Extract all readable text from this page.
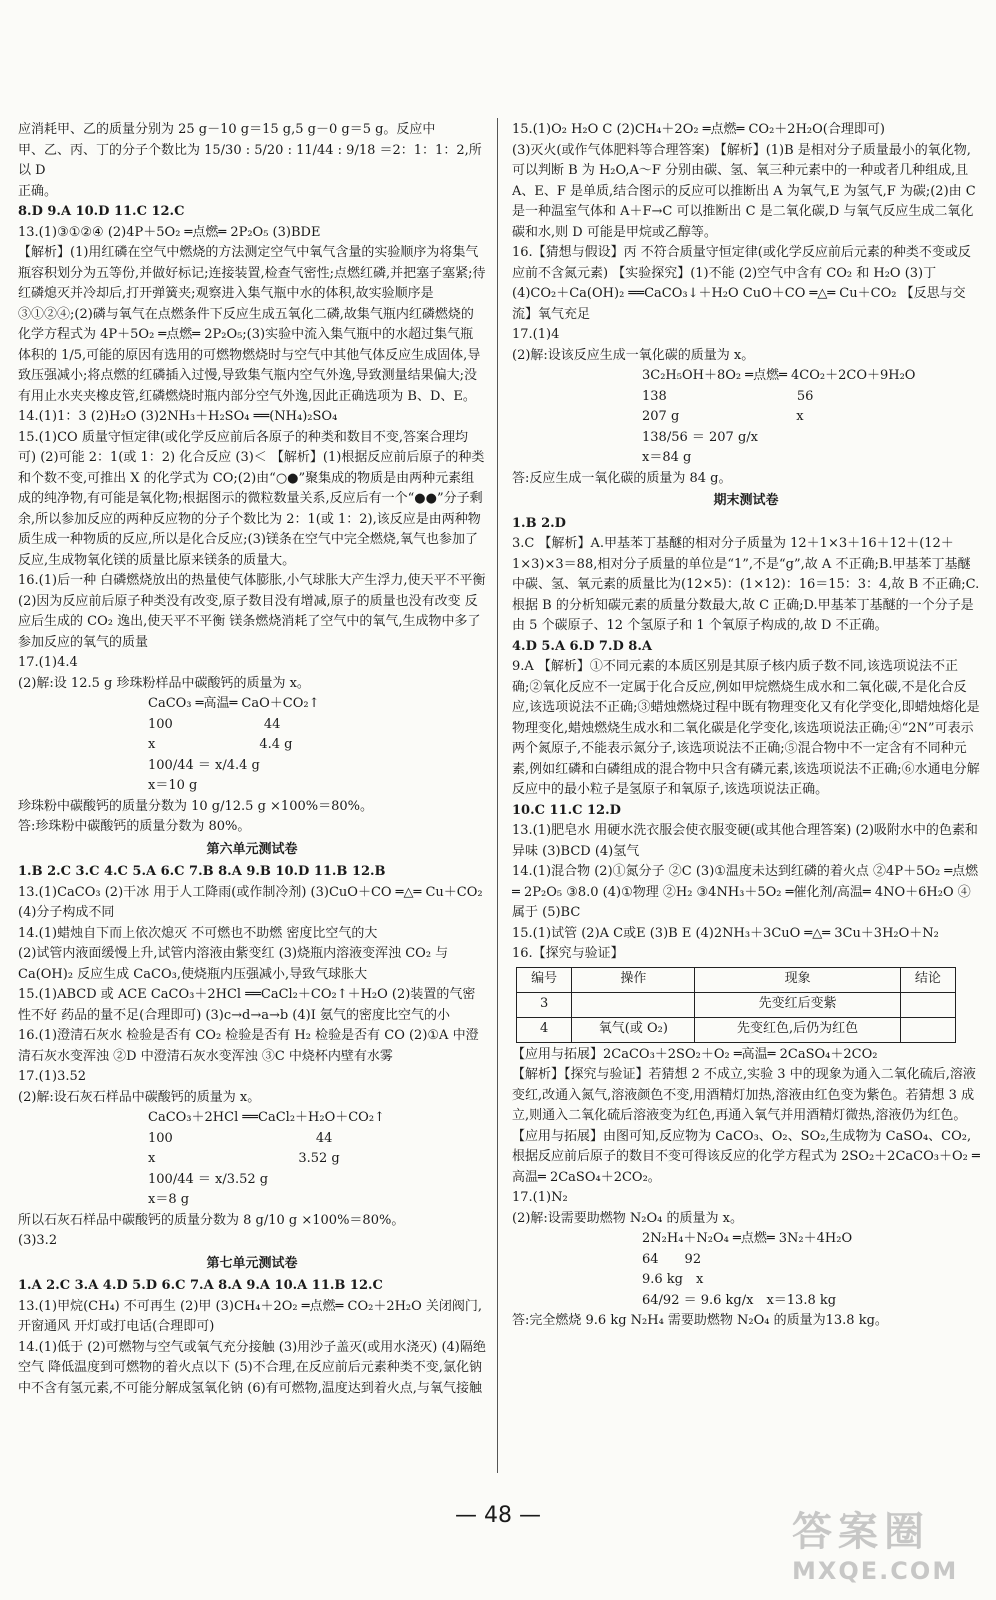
应消耗甲、乙的质量分别为 25 g－10 g＝15 g,5 g－0 g＝5 g。反应中
甲、乙、丙、丁的分子个数比为 15/30 : 5/20 : 11/44 : 9/18 ＝2：1：1：2,所以 D
正确。
8.D 9.A 10.D 11.C 12.C
13.(1)③①②④ (2)4P＋5O₂ ═点燃═ 2P₂O₅ (3)BDE
【解析】(1)用红磷在空气中燃烧的方法测定空气中氧气含量的实验顺序为将集气瓶容积划分为五等份,并做好标记;连接装置,检查气密性;点燃红磷,并把塞子塞紧;待红磷熄灭并冷却后,打开弹簧夹;观察进入集气瓶中水的体积,故实验顺序是③①②④;(2)磷与氧气在点燃条件下反应生成五氧化二磷,故集气瓶内红磷燃烧的化学方程式为 4P＋5O₂ ═点燃═ 2P₂O₅;(3)实验中流入集气瓶中的水超过集气瓶体积的 1/5,可能的原因有选用的可燃物燃烧时与空气中其他气体反应生成固体,导致压强减小;将点燃的红磷插入过慢,导致集气瓶内空气外逸,导致测量结果偏大;没有用止水夹夹橡皮管,红磷燃烧时瓶内部分空气外逸,因此正确选项为 B、D、E。
14.(1)1：3 (2)H₂O (3)2NH₃＋H₂SO₄ ══(NH₄)₂SO₄
15.(1)CO 质量守恒定律(或化学反应前后各原子的种类和数目不变,答案合理均可) (2)可能 2：1(或 1：2) 化合反应 (3)＜ 【解析】(1)根据反应前后原子的种类和个数不变,可推出 X 的化学式为 CO;(2)由“○●”聚集成的物质是由两种元素组成的纯净物,有可能是氧化物;根据图示的微粒数量关系,反应后有一个“●●”分子剩余,所以参加反应的两种反应物的分子个数比为 2：1(或 1：2),该反应是由两种物质生成一种物质的反应,所以是化合反应;(3)镁条在空气中完全燃烧,氧气也参加了反应,生成物氧化镁的质量比原来镁条的质量大。
16.(1)后一种 白磷燃烧放出的热量使气体膨胀,小气球胀大产生浮力,使天平不平衡
(2)因为反应前后原子种类没有改变,原子数目没有增减,原子的质量也没有改变 反应后生成的 CO₂ 逸出,使天平不平衡 镁条燃烧消耗了空气中的氧气,生成物中多了参加反应的氧气的质量
17.(1)4.4
(2)解:设 12.5 g 珍珠粉样品中碳酸钙的质量为 x。
CaCO₃ ═高温═ CaO＋CO₂↑
100　　　　　　　44
x　　　　　　　　4.4 g
100/44 ＝ x/4.4 g
x＝10 g
珍珠粉中碳酸钙的质量分数为 10 g/12.5 g ×100%＝80%。
答:珍珠粉中碳酸钙的质量分数为 80%。
第六单元测试卷
1.B 2.C 3.C 4.C 5.A 6.C 7.B 8.A 9.B 10.D 11.B 12.B
13.(1)CaCO₃ (2)干冰 用于人工降雨(或作制冷剂) (3)CuO＋CO ═△═ Cu＋CO₂ (4)分子构成不同
14.(1)蜡烛自下而上依次熄灭 不可燃也不助燃 密度比空气的大
(2)试管内液面缓慢上升,试管内溶液由紫变红 (3)烧瓶内溶液变浑浊 CO₂ 与 Ca(OH)₂ 反应生成 CaCO₃,使烧瓶内压强减小,导致气球胀大
15.(1)ABCD 或 ACE CaCO₃＋2HCl ══CaCl₂＋CO₂↑＋H₂O (2)装置的气密性不好 药品的量不足(合理即可) (3)c→d→a→b (4)Ⅰ 氨气的密度比空气的小
16.(1)澄清石灰水 检验是否有 CO₂ 检验是否有 H₂ 检验是否有 CO (2)①A 中澄清石灰水变浑浊 ②D 中澄清石灰水变浑浊 ③C 中烧杯内壁有水雾
17.(1)3.52
(2)解:设石灰石样品中碳酸钙的质量为 x。
CaCO₃＋2HCl ══CaCl₂＋H₂O＋CO₂↑
100　　　　　　　　　　　44
x　　　　　　　　　　　3.52 g
100/44 ＝ x/3.52 g
x＝8 g
所以石灰石样品中碳酸钙的质量分数为 8 g/10 g ×100%＝80%。
(3)3.2
第七单元测试卷
1.A 2.C 3.A 4.D 5.D 6.C 7.A 8.A 9.A 10.A 11.B 12.C
13.(1)甲烷(CH₄) 不可再生 (2)甲 (3)CH₄＋2O₂ ═点燃═ CO₂＋2H₂O 关闭阀门,开窗通风 开灯或打电话(合理即可)
14.(1)低于 (2)可燃物与空气或氧气充分接触 (3)用沙子盖灭(或用水浇灭) (4)隔绝空气 降低温度到可燃物的着火点以下 (5)不合理,在反应前后元素种类不变,氯化钠中不含有氢元素,不可能分解成氢氧化钠 (6)有可燃物,温度达到着火点,与氧气接触
15.(1)O₂ H₂O C (2)CH₄＋2O₂ ═点燃═ CO₂＋2H₂O(合理即可)
(3)灭火(或作气体肥料等合理答案) 【解析】(1)B 是相对分子质量最小的氧化物,可以判断 B 为 H₂O,A～F 分别由碳、氢、氧三种元素中的一种或者几种组成,且 A、E、F 是单质,结合图示的反应可以推断出 A 为氧气,E 为氢气,F 为碳;(2)由 C 是一种温室气体和 A＋F→C 可以推断出 C 是二氧化碳,D 与氧气反应生成二氧化碳和水,则 D 可能是甲烷或乙醇等。
16.【猜想与假设】丙 不符合质量守恒定律(或化学反应前后元素的种类不变或反应前不含氮元素) 【实验探究】(1)不能 (2)空气中含有 CO₂ 和 H₂O (3)丁 (4)CO₂＋Ca(OH)₂ ══CaCO₃↓＋H₂O CuO＋CO ═△═ Cu＋CO₂ 【反思与交流】氧气充足
17.(1)4
(2)解:设该反应生成一氧化碳的质量为 x。
3C₂H₅OH＋8O₂ ═点燃═ 4CO₂＋2CO＋9H₂O
138　　　　　　　　　　56
207 g　　　　　　　　　x
138/56 ＝ 207 g/x
x＝84 g
答:反应生成一氧化碳的质量为 84 g。
期末测试卷
1.B 2.D
3.C 【解析】A.甲基苯丁基醚的相对分子质量为 12＋1×3＋16＋12＋(12＋1×3)×3＝88,相对分子质量的单位是“1”,不是“g”,故 A 不正确;B.甲基苯丁基醚中碳、氢、氧元素的质量比为(12×5)：(1×12)：16＝15：3：4,故 B 不正确;C.根据 B 的分析知碳元素的质量分数最大,故 C 正确;D.甲基苯丁基醚的一个分子是由 5 个碳原子、12 个氢原子和 1 个氧原子构成的,故 D 不正确。
4.D 5.A 6.D 7.D 8.A
9.A 【解析】①不同元素的本质区别是其原子核内质子数不同,该选项说法不正确;②氧化反应不一定属于化合反应,例如甲烷燃烧生成水和二氧化碳,不是化合反应,该选项说法不正确;③蜡烛燃烧过程中既有物理变化又有化学变化,即蜡烛熔化是物理变化,蜡烛燃烧生成水和二氧化碳是化学变化,该选项说法正确;④“2N”可表示两个氮原子,不能表示氮分子,该选项说法不正确;⑤混合物中不一定含有不同种元素,例如红磷和白磷组成的混合物中只含有磷元素,该选项说法不正确;⑥水通电分解反应中的最小粒子是氢原子和氧原子,该选项说法正确。
10.C 11.C 12.D
13.(1)肥皂水 用硬水洗衣服会使衣服变硬(或其他合理答案) (2)吸附水中的色素和异味 (3)BCD (4)氢气
14.(1)混合物 (2)①氮分子 ②C (3)①温度未达到红磷的着火点 ②4P＋5O₂ ═点燃═ 2P₂O₅ ③8.0 (4)①物理 ②H₂ ③4NH₃＋5O₂ ═催化剂/高温═ 4NO＋6H₂O ④属于 (5)BC
15.(1)试管 (2)A C或E (3)B E (4)2NH₃＋3CuO ═△═ 3Cu＋3H₂O＋N₂
16.【探究与验证】
编号	操作	现象	结论
3		先变红后变紫	
4	氧气(或 O₂)	先变红色,后仍为红色	
【应用与拓展】2CaCO₃＋2SO₂＋O₂ ═高温═ 2CaSO₄＋2CO₂
【解析】【探究与验证】若猜想 2 不成立,实验 3 中的现象为通入二氧化硫后,溶液变红,改通入氮气,溶液颜色不变,用酒精灯加热,溶液由红色变为紫色。若猜想 3 成立,则通入二氧化硫后溶液变为红色,再通入氧气并用酒精灯微热,溶液仍为红色。
【应用与拓展】由图可知,反应物为 CaCO₃、O₂、SO₂,生成物为 CaSO₄、CO₂,根据反应前后原子的数目不变可得该反应的化学方程式为 2SO₂＋2CaCO₃＋O₂ ═高温═ 2CaSO₄＋2CO₂。
17.(1)N₂
(2)解:设需要助燃物 N₂O₄ 的质量为 x。
2N₂H₄＋N₂O₄ ═点燃═ 3N₂＋4H₂O
64　　92
9.6 kg　x
64/92 ＝ 9.6 kg/x　x＝13.8 kg
答:完全燃烧 9.6 kg N₂H₄ 需要助燃物 N₂O₄ 的质量为13.8 kg。
— 48 —	答案圈
MXQE.COM
